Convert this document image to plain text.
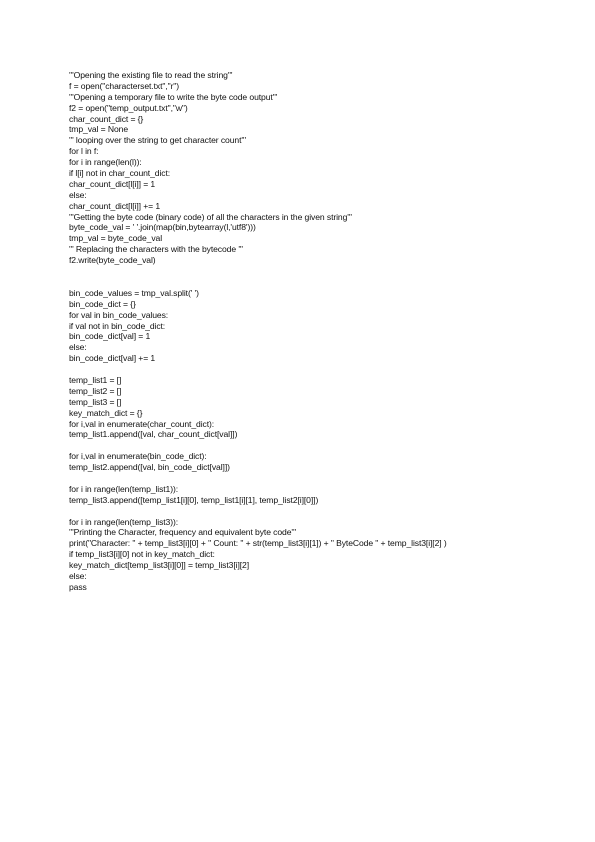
'''Opening the existing file to read the string'''
f = open("characterset.txt","r")
'''Opening a temporary file to write the byte code output'''
f2 = open("temp_output.txt","w")
char_count_dict = {}
tmp_val = None
''' looping over the string to get character count'''
for l in f:
for i in range(len(l)):
if l[i] not in char_count_dict:
char_count_dict[l[i]] = 1
else:
char_count_dict[l[i]] += 1
'''Getting the byte code (binary code) of all the characters in the given string'''
byte_code_val = ' '.join(map(bin,bytearray(l,'utf8')))
tmp_val = byte_code_val
''' Replacing the characters with the bytecode '''
f2.write(byte_code_val)
bin_code_values = tmp_val.split(' ')
bin_code_dict = {}
for val in bin_code_values:
if val not in bin_code_dict:
bin_code_dict[val] = 1
else:
bin_code_dict[val] += 1
temp_list1 = []
temp_list2 = []
temp_list3 = []
key_match_dict = {}
for i,val in enumerate(char_count_dict):
temp_list1.append([val, char_count_dict[val]])
for i,val in enumerate(bin_code_dict):
temp_list2.append([val, bin_code_dict[val]])
for i in range(len(temp_list1)):
temp_list3.append([temp_list1[i][0], temp_list1[i][1], temp_list2[i][0]])
for i in range(len(temp_list3)):
'''Printing the Character, frequency and equivalent byte code'''
print("Character: " + temp_list3[i][0] + " Count: " + str(temp_list3[i][1]) + " ByteCode " + temp_list3[i][2] )
if temp_list3[i][0] not in key_match_dict:
key_match_dict[temp_list3[i][0]] = temp_list3[i][2]
else:
pass
